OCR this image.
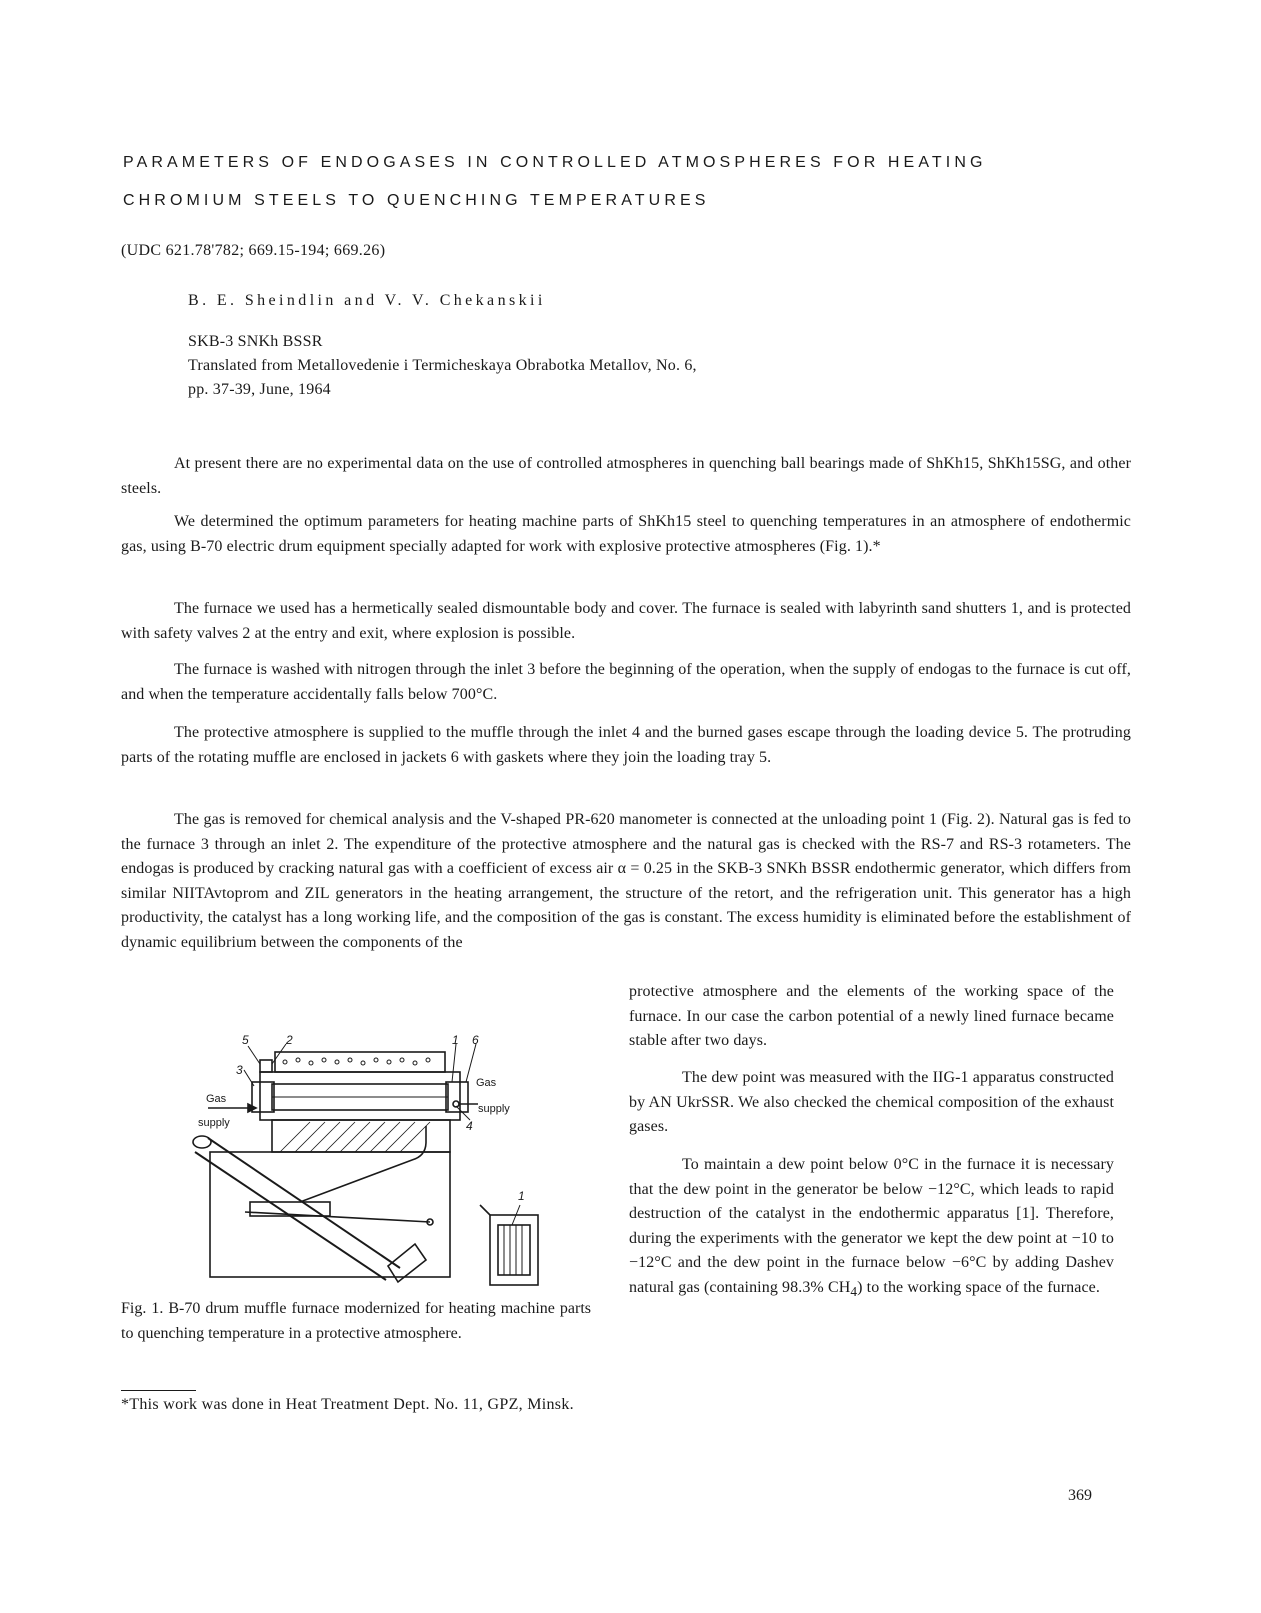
PARAMETERS OF ENDOGASES IN CONTROLLED ATMOSPHERES FOR HEATING
CHROMIUM STEELS TO QUENCHING TEMPERATURES
(UDC 621.78'782; 669.15-194; 669.26)
B. E. Sheindlin and V. V. Chekanskii
SKB-3 SNKh BSSR
Translated from Metallovedenie i Termicheskaya Obrabotka Metallov, No. 6,
pp. 37-39, June, 1964

At present there are no experimental data on the use of controlled atmospheres in quenching ball bearings made of ShKh15, ShKh15SG, and other steels.

We determined the optimum parameters for heating machine parts of ShKh15 steel to quenching temperatures in an atmosphere of endothermic gas, using B-70 electric drum equipment specially adapted for work with explosive protective atmospheres (Fig. 1).*

The furnace we used has a hermetically sealed dismountable body and cover. The furnace is sealed with labyrinth sand shutters 1, and is protected with safety valves 2 at the entry and exit, where explosion is possible.

The furnace is washed with nitrogen through the inlet 3 before the beginning of the operation, when the supply of endogas to the furnace is cut off, and when the temperature accidentally falls below 700°C.

The protective atmosphere is supplied to the muffle through the inlet 4 and the burned gases escape through the loading device 5. The protruding parts of the rotating muffle are enclosed in jackets 6 with gaskets where they join the loading tray 5.

The gas is removed for chemical analysis and the V-shaped PR-620 manometer is connected at the unloading point 1 (Fig. 2). Natural gas is fed to the furnace 3 through an inlet 2. The expenditure of the protective atmosphere and the natural gas is checked with the RS-7 and RS-3 rotameters. The endogas is produced by cracking natural gas with a coefficient of excess air α = 0.25 in the SKB-3 SNKh BSSR endothermic generator, which differs from similar NIITAvtoprom and ZIL generators in the heating arrangement, the structure of the retort, and the refrigeration unit. This generator has a high productivity, the catalyst has a long working life, and the composition of the gas is constant. The excess humidity is eliminated before the establishment of dynamic equilibrium between the components of the

protective atmosphere and the elements of the working space of the furnace. In our case the carbon potential of a newly lined furnace became stable after two days.

The dew point was measured with the IIG-1 apparatus constructed by AN UkrSSR. We also checked the chemical composition of the exhaust gases.

To maintain a dew point below 0°C in the furnace it is necessary that the dew point in the generator be below −12°C, which leads to rapid destruction of the catalyst in the endothermic apparatus [1]. Therefore, during the experiments with the generator we kept the dew point at −10 to −12°C and the dew point in the furnace below −6°C by adding Dashev natural gas (containing 98.3% $CH_4$) to the working space of the furnace.

5	2	1 6
3
4
1
Gas
supply
Gas
supply

Fig. 1. B-70 drum muffle furnace modernized for heating machine parts to quenching temperature in a protective atmosphere.

*This work was done in Heat Treatment Dept. No. 11, GPZ, Minsk.
369
